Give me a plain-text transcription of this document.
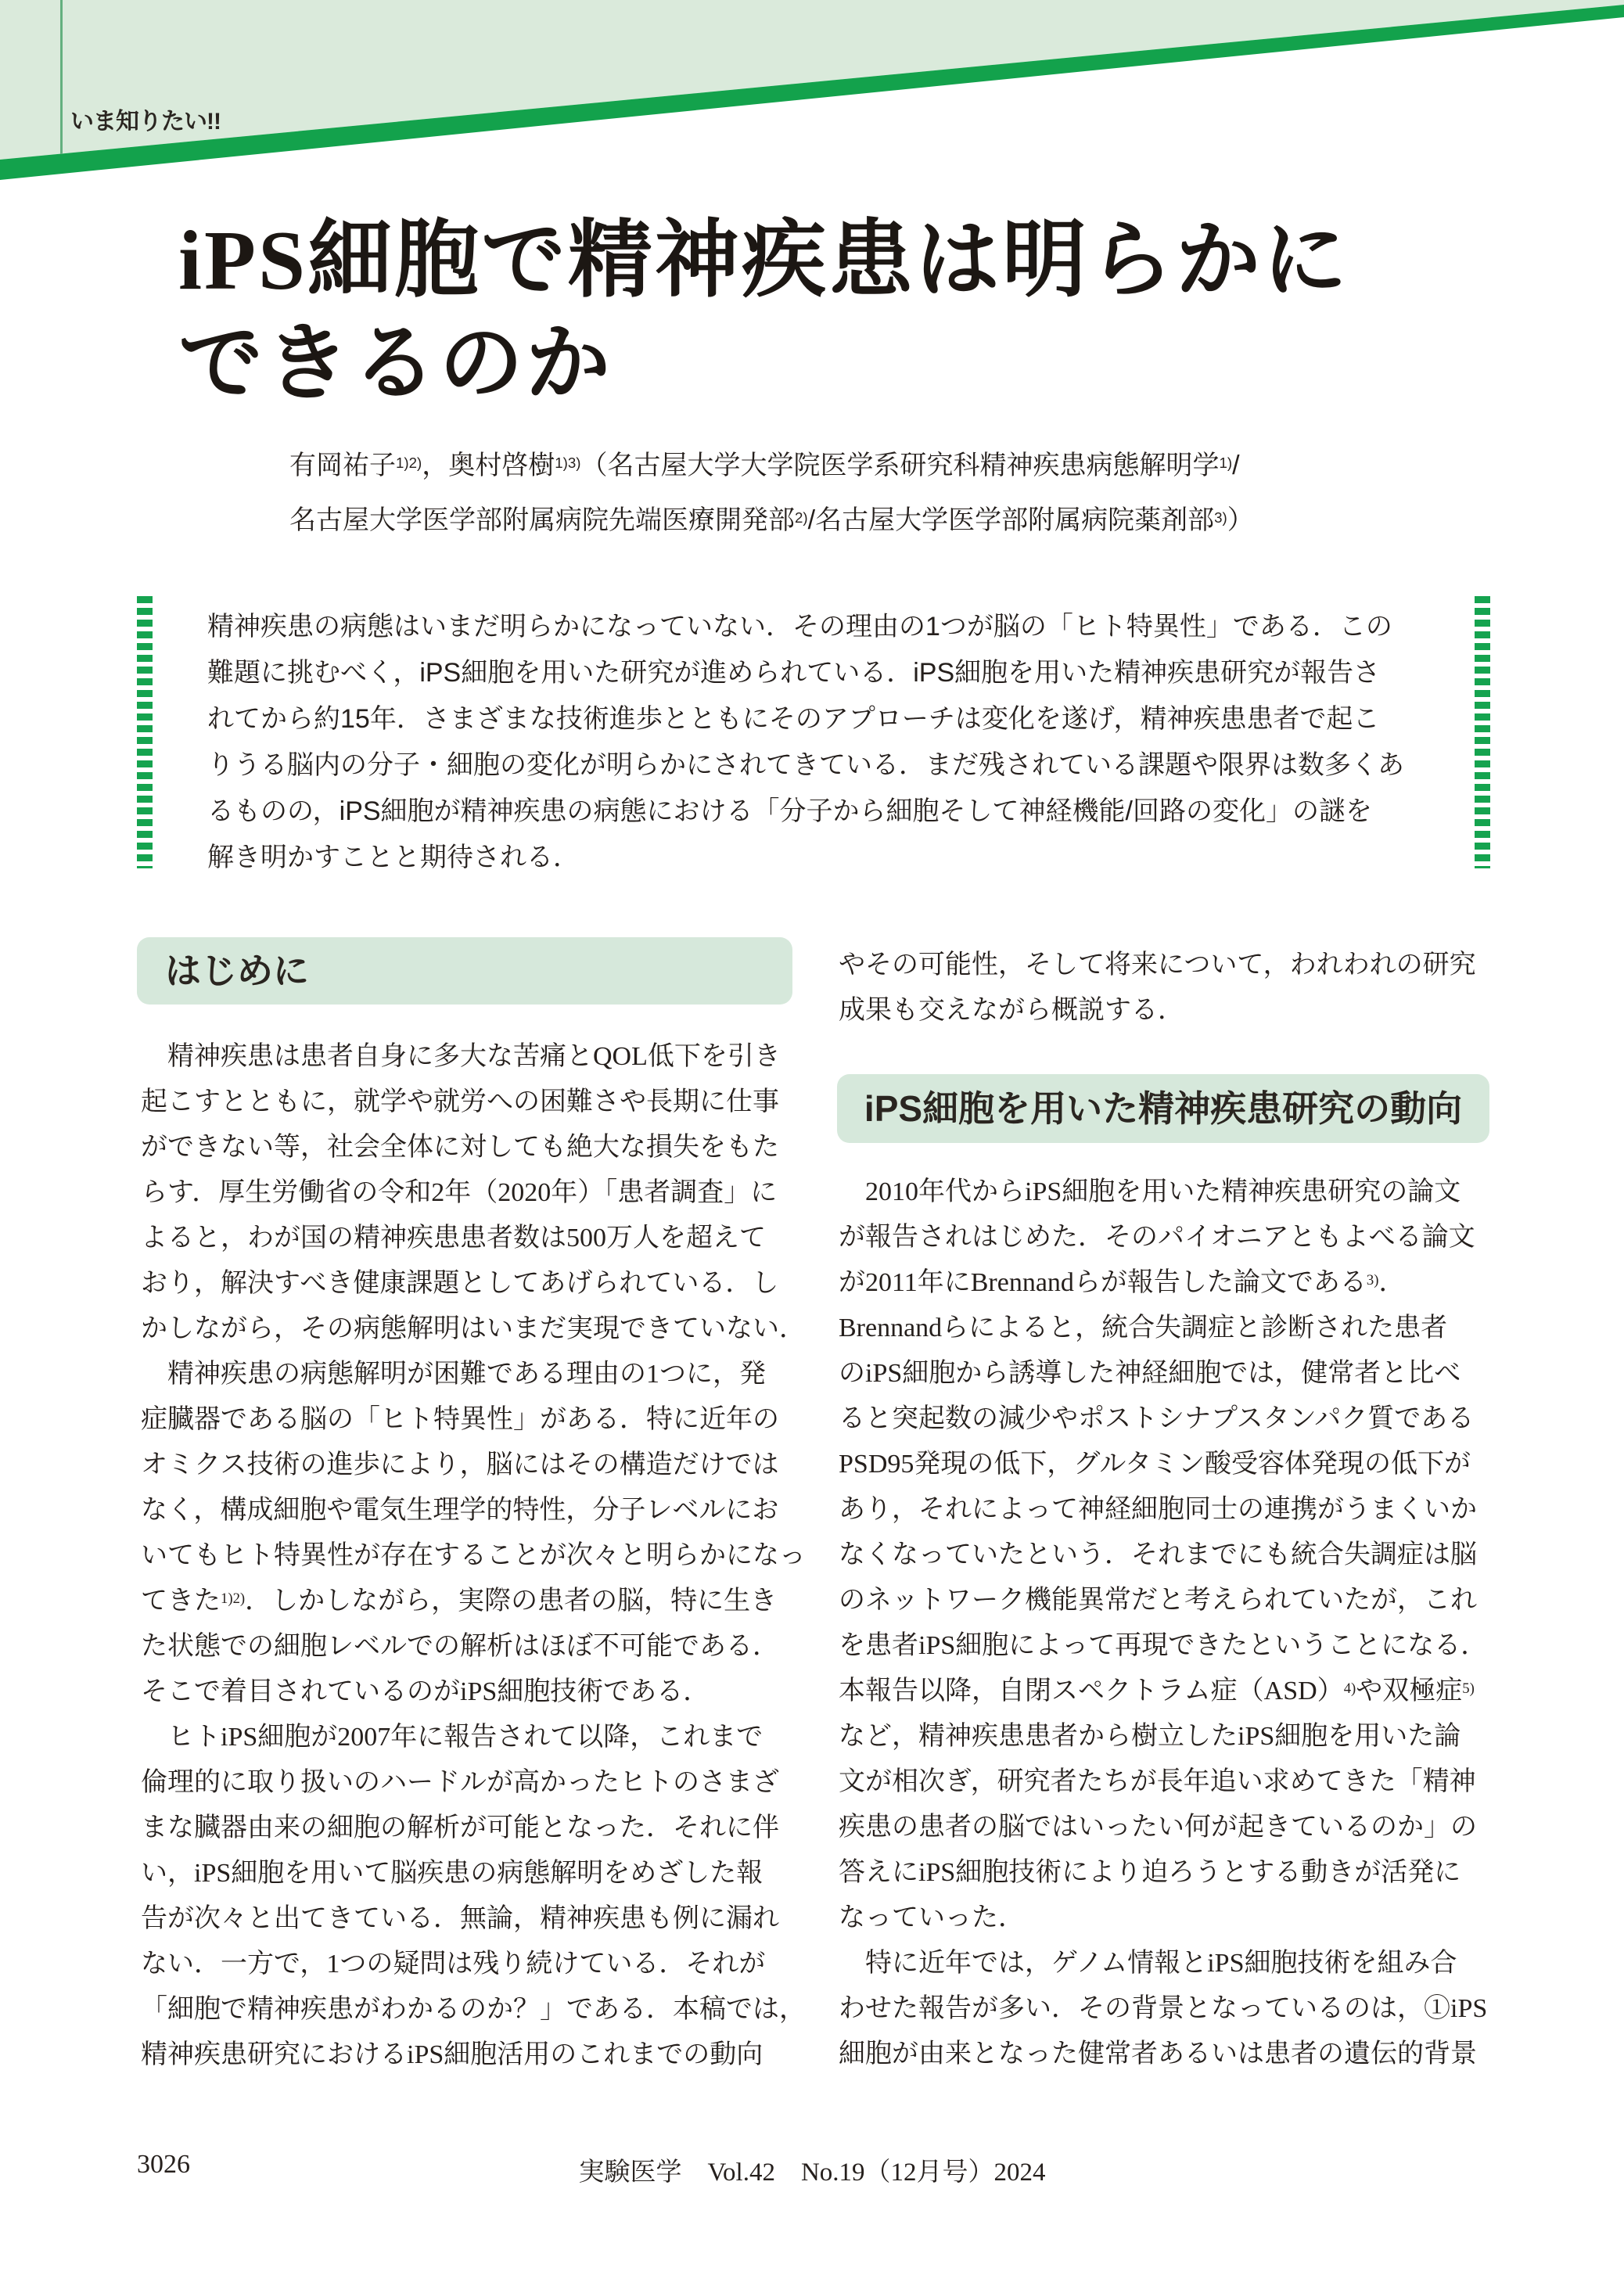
いま知りたい!!
iPS細胞で精神疾患は明らかに
できるのか
有岡祐子$^{1)2)}$，奥村啓樹$^{1)3)}$（名古屋大学大学院医学系研究科精神疾患病態解明学$^{1)}$/
名古屋大学医学部附属病院先端医療開発部$^{2)}$/名古屋大学医学部附属病院薬剤部$^{3)}$）
精神疾患の病態はいまだ明らかになっていない．その理由の1つが脳の「ヒト特異性」である．この
難題に挑むべく，iPS細胞を用いた研究が進められている．iPS細胞を用いた精神疾患研究が報告さ
れてから約15年．さまざまな技術進歩とともにそのアプローチは変化を遂げ，精神疾患患者で起こ
りうる脳内の分子・細胞の変化が明らかにされてきている．まだ残されている課題や限界は数多くあ
るものの，iPS細胞が精神疾患の病態における「分子から細胞そして神経機能/回路の変化」の謎を
解き明かすことと期待される．
はじめに
　精神疾患は患者自身に多大な苦痛とQOL低下を引き
起こすとともに，就学や就労への困難さや長期に仕事
ができない等，社会全体に対しても絶大な損失をもた
らす．厚生労働省の令和2年（2020年）「患者調査」に
よると，わが国の精神疾患患者数は500万人を超えて
おり，解決すべき健康課題としてあげられている．し
かしながら，その病態解明はいまだ実現できていない．
　精神疾患の病態解明が困難である理由の1つに，発
症臓器である脳の「ヒト特異性」がある．特に近年の
オミクス技術の進歩により，脳にはその構造だけでは
なく，構成細胞や電気生理学的特性，分子レベルにお
いてもヒト特異性が存在することが次々と明らかになっ
てきた$^{1)2)}$．しかしながら，実際の患者の脳，特に生き
た状態での細胞レベルでの解析はほぼ不可能である．
そこで着目されているのがiPS細胞技術である．
　ヒトiPS細胞が2007年に報告されて以降，これまで
倫理的に取り扱いのハードルが高かったヒトのさまざ
まな臓器由来の細胞の解析が可能となった．それに伴
い，iPS細胞を用いて脳疾患の病態解明をめざした報
告が次々と出てきている．無論，精神疾患も例に漏れ
ない．一方で，1つの疑問は残り続けている．それが
「細胞で精神疾患がわかるのか？」である．本稿では，
精神疾患研究におけるiPS細胞活用のこれまでの動向
やその可能性，そして将来について，われわれの研究
成果も交えながら概説する．
iPS細胞を用いた精神疾患研究の動向
　2010年代からiPS細胞を用いた精神疾患研究の論文
が報告されはじめた．そのパイオニアともよべる論文
が2011年にBrennandらが報告した論文である$^{3)}$．
Brennandらによると，統合失調症と診断された患者
のiPS細胞から誘導した神経細胞では，健常者と比べ
ると突起数の減少やポストシナプスタンパク質である
PSD95発現の低下，グルタミン酸受容体発現の低下が
あり，それによって神経細胞同士の連携がうまくいか
なくなっていたという．それまでにも統合失調症は脳
のネットワーク機能異常だと考えられていたが，これ
を患者iPS細胞によって再現できたということになる．
本報告以降，自閉スペクトラム症（ASD）$^{4)}$や双極症$^{5)}$
など，精神疾患患者から樹立したiPS細胞を用いた論
文が相次ぎ，研究者たちが長年追い求めてきた「精神
疾患の患者の脳ではいったい何が起きているのか」の
答えにiPS細胞技術により迫ろうとする動きが活発に
なっていった．
　特に近年では，ゲノム情報とiPS細胞技術を組み合
わせた報告が多い．その背景となっているのは，①iPS
細胞が由来となった健常者あるいは患者の遺伝的背景
3026	実験医学　Vol.42　No.19（12月号）2024
